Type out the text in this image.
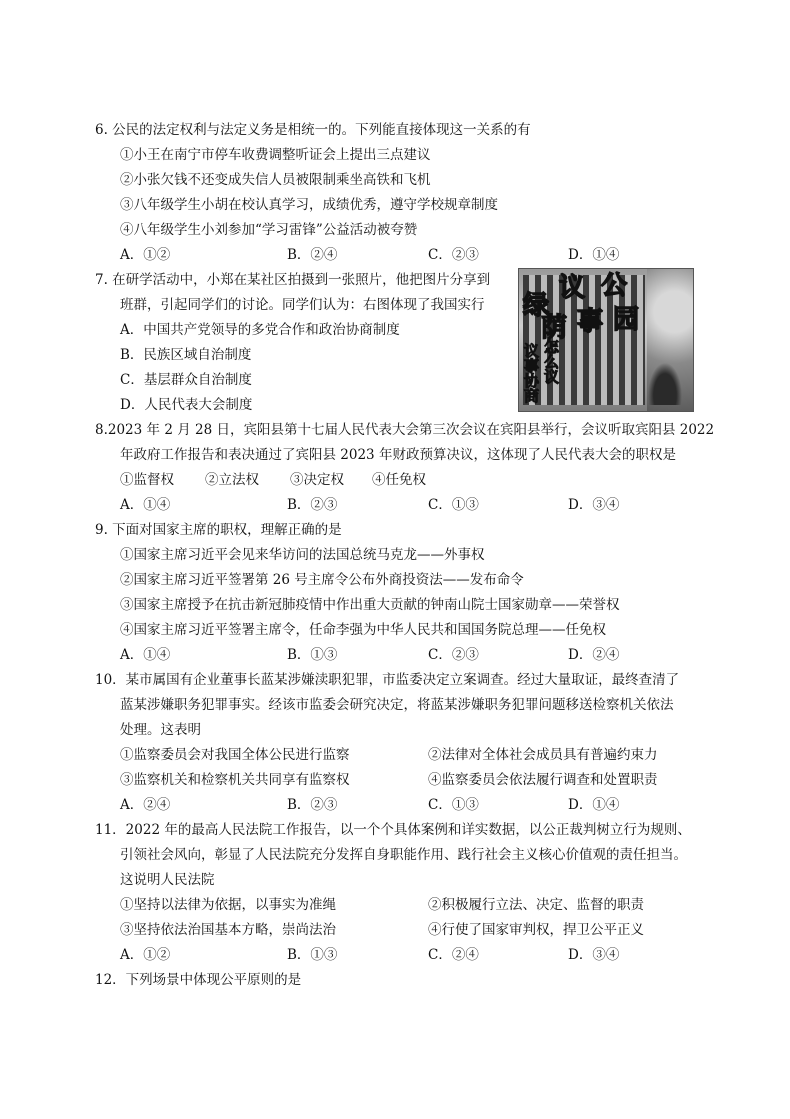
6. 公民的法定权利与法定义务是相统一的。下列能直接体现这一关系的有
①小王在南宁市停车收费调整听证会上提出三点建议
②小张欠钱不还变成失信人员被限制乘坐高铁和飞机
③八年级学生小胡在校认真学习，成绩优秀，遵守学校规章制度
④八年级学生小刘参加“学习雷锋”公益活动被夸赞
A．①②	B．②④	C．②③	D．①④
7. 在研学活动中，小郑在某社区拍摄到一张照片，他把图片分享到
班群，引起同学们的讨论。同学们认为：右图体现了我国实行
A．中国共产党领导的多党合作和政治协商制度
B．民族区域自治制度
C．基层群众自治制度
D．人民代表大会制度
绿
议 公
荫 事 园
议事协商 怎么议
8.2023 年 2 月 28 日，宾阳县第十七届人民代表大会第三次会议在宾阳县举行，会议听取宾阳县 2022
年政府工作报告和表决通过了宾阳县 2023 年财政预算决议，这体现了人民代表大会的职权是
①监督权 ②立法权 ③决定权 ④任免权
A．①④	B．②③	C．①③	D．③④
9. 下面对国家主席的职权，理解正确的是
①国家主席习近平会见来华访问的法国总统马克龙——外事权
②国家主席习近平签署第 26 号主席令公布外商投资法——发布命令
③国家主席授予在抗击新冠肺疫情中作出重大贡献的钟南山院士国家勋章——荣誉权
④国家主席习近平签署主席令，任命李强为中华人民共和国国务院总理——任免权
A．①④	B．①③	C．②③	D．②④
10．某市属国有企业董事长蓝某涉嫌渎职犯罪，市监委决定立案调查。经过大量取证，最终查清了
蓝某涉嫌职务犯罪事实。经该市监委会研究决定，将蓝某涉嫌职务犯罪问题移送检察机关依法
处理。这表明
①监察委员会对我国全体公民进行监察	②法律对全体社会成员具有普遍约束力
③监察机关和检察机关共同享有监察权	④监察委员会依法履行调查和处置职责
A．②④	B．②③	C．①③	D．①④
11．2022 年的最高人民法院工作报告，以一个个具体案例和详实数据，以公正裁判树立行为规则、
引领社会风向，彰显了人民法院充分发挥自身职能作用、践行社会主义核心价值观的责任担当。
这说明人民法院
①坚持以法律为依据，以事实为准绳	②积极履行立法、决定、监督的职责
③坚持依法治国基本方略，崇尚法治	④行使了国家审判权，捍卫公平正义
A．①②	B．①③	C．②④	D．③④
12．下列场景中体现公平原则的是
